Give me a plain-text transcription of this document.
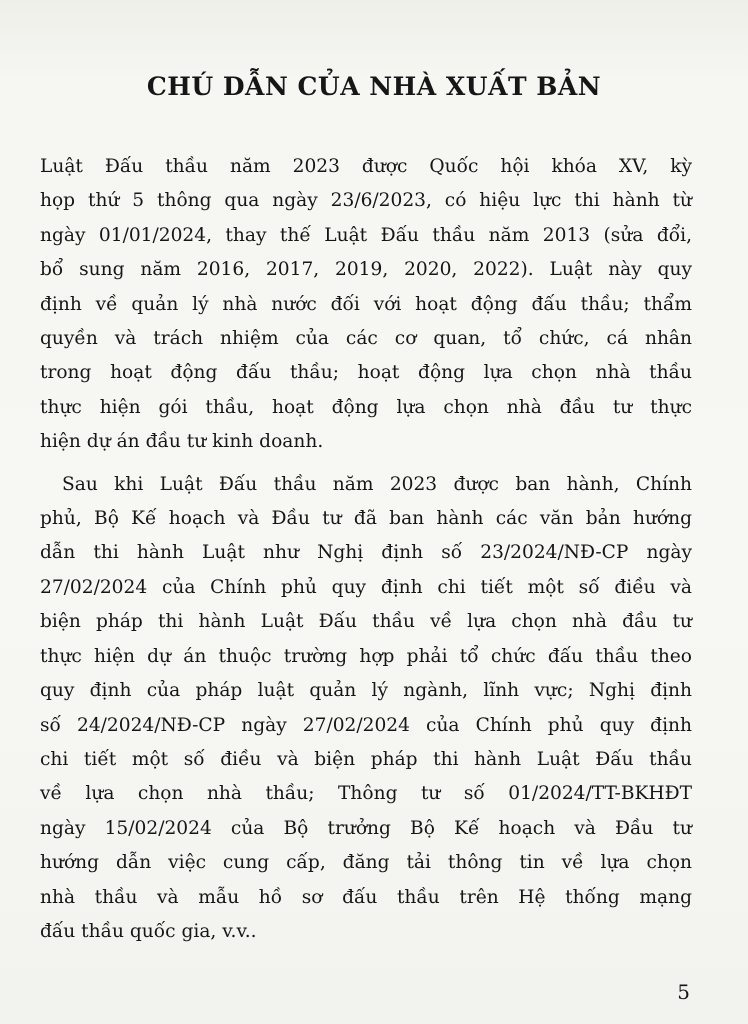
CHÚ DẪN CỦA NHÀ XUẤT BẢN

Luật Đấu thầu năm 2023 được Quốc hội khóa XV, kỳ
họp thứ 5 thông qua ngày 23/6/2023, có hiệu lực thi hành từ
ngày 01/01/2024, thay thế Luật Đấu thầu năm 2013 (sửa đổi,
bổ sung năm 2016, 2017, 2019, 2020, 2022). Luật này quy
định về quản lý nhà nước đối với hoạt động đấu thầu; thẩm
quyền và trách nhiệm của các cơ quan, tổ chức, cá nhân
trong hoạt động đấu thầu; hoạt động lựa chọn nhà thầu
thực hiện gói thầu, hoạt động lựa chọn nhà đầu tư thực
hiện dự án đầu tư kinh doanh.

Sau khi Luật Đấu thầu năm 2023 được ban hành, Chính
phủ, Bộ Kế hoạch và Đầu tư đã ban hành các văn bản hướng
dẫn thi hành Luật như Nghị định số 23/2024/NĐ-CP ngày
27/02/2024 của Chính phủ quy định chi tiết một số điều và
biện pháp thi hành Luật Đấu thầu về lựa chọn nhà đầu tư
thực hiện dự án thuộc trường hợp phải tổ chức đấu thầu theo
quy định của pháp luật quản lý ngành, lĩnh vực; Nghị định
số 24/2024/NĐ-CP ngày 27/02/2024 của Chính phủ quy định
chi tiết một số điều và biện pháp thi hành Luật Đấu thầu
về lựa chọn nhà thầu; Thông tư số 01/2024/TT-BKHĐT
ngày 15/02/2024 của Bộ trưởng Bộ Kế hoạch và Đầu tư
hướng dẫn việc cung cấp, đăng tải thông tin về lựa chọn
nhà thầu và mẫu hồ sơ đấu thầu trên Hệ thống mạng
đấu thầu quốc gia, v.v..

5
